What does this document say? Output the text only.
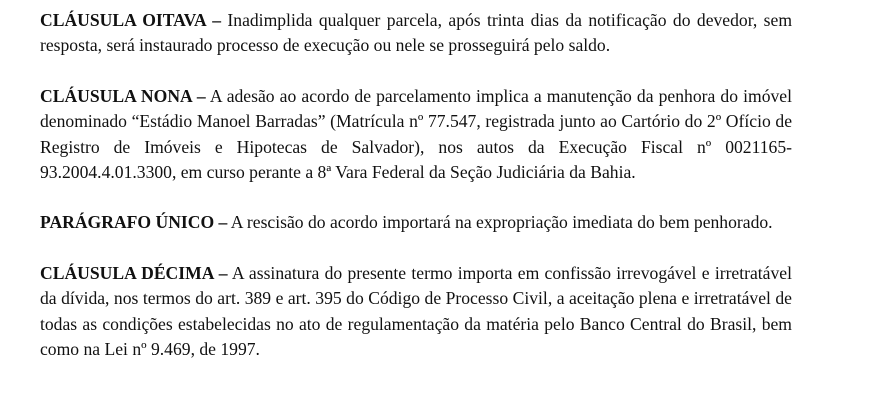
CLÁUSULA OITAVA – Inadimplida qualquer parcela, após trinta dias da notificação do devedor, sem resposta, será instaurado processo de execução ou nele se prosseguirá pelo saldo.

CLÁUSULA NONA – A adesão ao acordo de parcelamento implica a manutenção da penhora do imóvel denominado “Estádio Manoel Barradas” (Matrícula nº 77.547, registrada junto ao Cartório do 2º Ofício de Registro de Imóveis e Hipotecas de Salvador), nos autos da Execução Fiscal nº 0021165-93.2004.4.01.3300, em curso perante a 8ª Vara Federal da Seção Judiciária da Bahia.

PARÁGRAFO ÚNICO – A rescisão do acordo importará na expropriação imediata do bem penhorado.

CLÁUSULA DÉCIMA – A assinatura do presente termo importa em confissão irrevogável e irretratável da dívida, nos termos do art. 389 e art. 395 do Código de Processo Civil, a aceitação plena e irretratável de todas as condições estabelecidas no ato de regulamentação da matéria pelo Banco Central do Brasil, bem como na Lei nº 9.469, de 1997.
